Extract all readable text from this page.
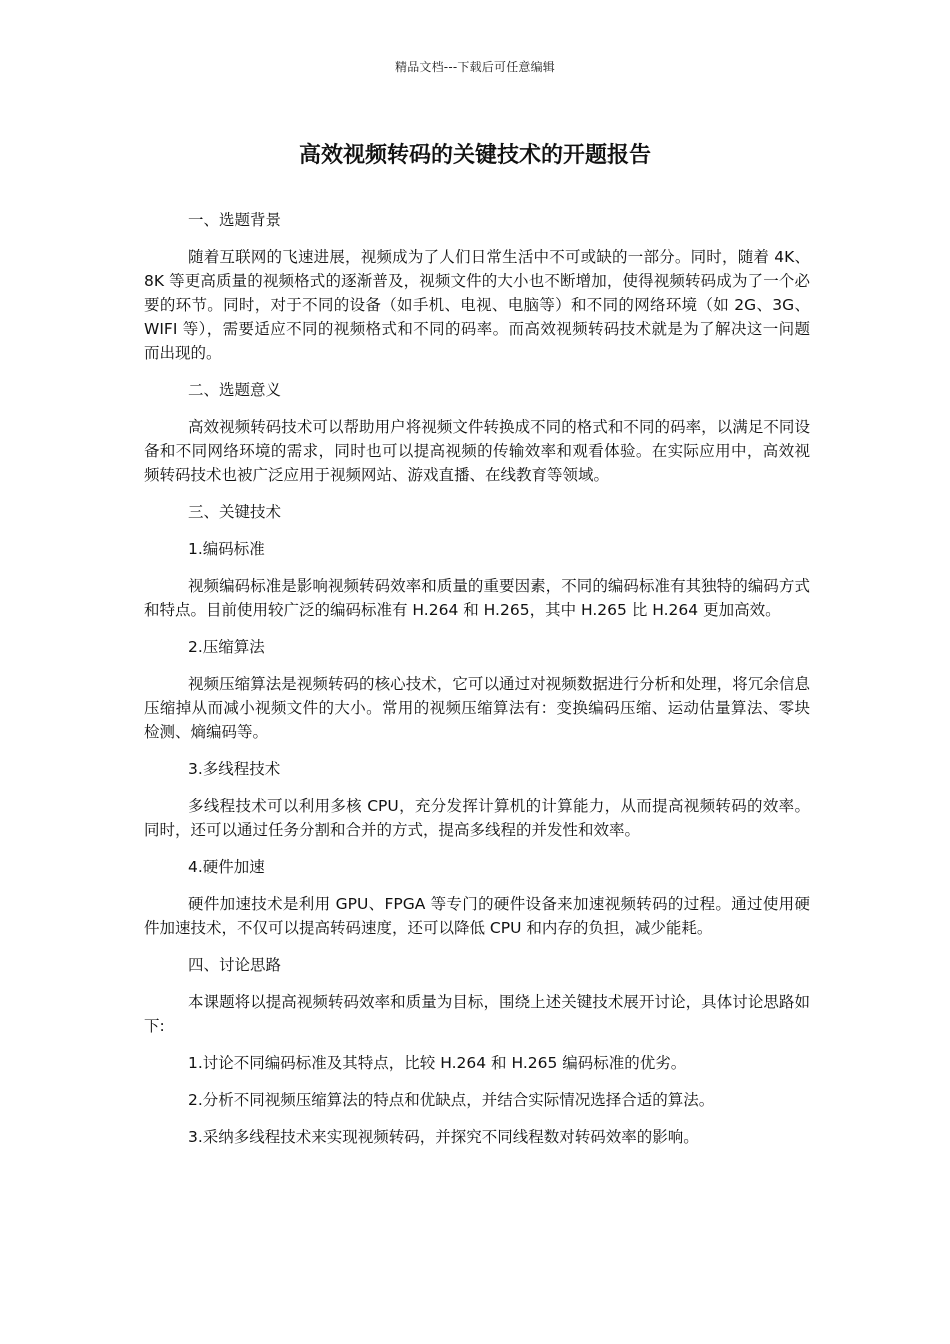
精品文档---下载后可任意编辑
高效视频转码的关键技术的开题报告

一、选题背景

随着互联网的飞速进展，视频成为了人们日常生活中不可或缺的一部分。同时，随着 4K、8K 等更高质量的视频格式的逐渐普及，视频文件的大小也不断增加，使得视频转码成为了一个必要的环节。同时，对于不同的设备（如手机、电视、电脑等）和不同的网络环境（如 2G、3G、WIFI 等），需要适应不同的视频格式和不同的码率。而高效视频转码技术就是为了解决这一问题而出现的。

二、选题意义

高效视频转码技术可以帮助用户将视频文件转换成不同的格式和不同的码率，以满足不同设备和不同网络环境的需求，同时也可以提高视频的传输效率和观看体验。在实际应用中，高效视频转码技术也被广泛应用于视频网站、游戏直播、在线教育等领域。

三、关键技术

1.编码标准

视频编码标准是影响视频转码效率和质量的重要因素，不同的编码标准有其独特的编码方式和特点。目前使用较广泛的编码标准有 H.264 和 H.265，其中 H.265 比 H.264 更加高效。

2.压缩算法

视频压缩算法是视频转码的核心技术，它可以通过对视频数据进行分析和处理，将冗余信息压缩掉从而减小视频文件的大小。常用的视频压缩算法有：变换编码压缩、运动估量算法、零块检测、熵编码等。

3.多线程技术

多线程技术可以利用多核 CPU，充分发挥计算机的计算能力，从而提高视频转码的效率。同时，还可以通过任务分割和合并的方式，提高多线程的并发性和效率。

4.硬件加速

硬件加速技术是利用 GPU、FPGA 等专门的硬件设备来加速视频转码的过程。通过使用硬件加速技术，不仅可以提高转码速度，还可以降低 CPU 和内存的负担，减少能耗。

四、讨论思路

本课题将以提高视频转码效率和质量为目标，围绕上述关键技术展开讨论，具体讨论思路如下:

1.讨论不同编码标准及其特点，比较 H.264 和 H.265 编码标准的优劣。

2.分析不同视频压缩算法的特点和优缺点，并结合实际情况选择合适的算法。

3.采纳多线程技术来实现视频转码，并探究不同线程数对转码效率的影响。
